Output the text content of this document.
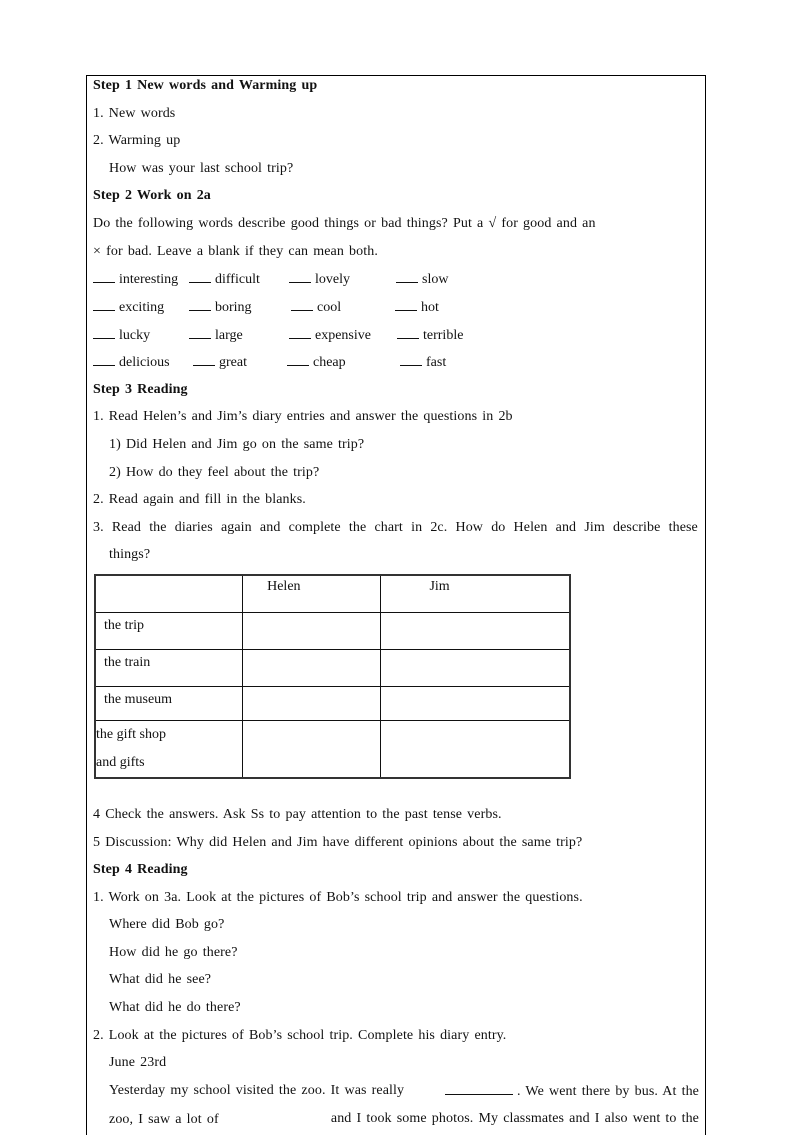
Step 1 New words and Warming up
1. New words
2. Warming up
How was your last school trip?
Step 2 Work on 2a
Do the following words describe good things or bad things? Put a √ for good and an
× for bad. Leave a blank if they can mean both.
interesting	difficult	lovely	slow
exciting	boring	cool	hot
lucky	large	expensive	terrible
delicious	great	cheap	fast
Step 3 Reading
1. Read Helen’s and Jim’s diary entries and answer the questions in 2b
1) Did Helen and Jim go on the same trip?
2) How do they feel about the trip?
2. Read again and fill in the blanks.
3. Read the diaries again and complete the chart in 2c. How do Helen and Jim describe these
things?

	Helen	Jim

the trip		

the train		

the museum		

the gift shop
and gifts		

4 Check the answers. Ask Ss to pay attention to the past tense verbs.
5 Discussion: Why did Helen and Jim have different opinions about the same trip?
Step 4 Reading
1. Work on 3a. Look at the pictures of Bob’s school trip and answer the questions.
Where did Bob go?
How did he go there?
What did he see?
What did he do there?
2. Look at the pictures of Bob’s school trip. Complete his diary entry.
June 23rd
Yesterday my school visited the zoo. It was really	. We went there by bus. At the
zoo, I saw a lot of	and I took some photos. My classmates and I also went to the
